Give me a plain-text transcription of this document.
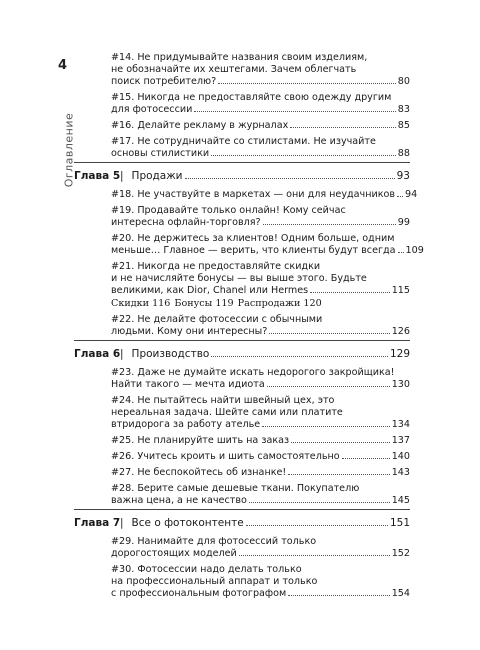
4
Оглавление
#14. Не придумывайте названия своим изделиям,
не обозначайте их хештегами. Зачем облегчать
поиск потребителю?	80
#15. Никогда не предоставляйте свою одежду другим
для фотосессии	83
#16. Делайте рекламу в журналах	85
#17. Не сотрудничайте со стилистами. Не изучайте
основы стилистики	88
Глава 5 | Продажи	93
#18. Не участвуйте в маркетах — они для неудачников 94
#19. Продавайте только онлайн! Кому сейчас
интересна офлайн-торговля?	99
#20. Не держитесь за клиентов! Одним больше, одним
меньше… Главное — верить, что клиенты будут всегда 109
#21. Никогда не предоставляйте скидки
и не начисляйте бонусы — вы выше этого. Будьте
великими, как Dior, Chanel или Hermes	115
Скидки 116 Бонусы 119 Распродажи 120
#22. Не делайте фотосессии с обычными
людьми. Кому они интересны?	126
Глава 6 | Производство	129
#23. Даже не думайте искать недорогого закройщика!
Найти такого — мечта идиота	130
#24. Не пытайтесь найти швейный цех, это
нереальная задача. Шейте сами или платите
втридорога за работу ателье	134
#25. Не планируйте шить на заказ	137
#26. Учитесь кроить и шить самостоятельно	140
#27. Не беспокойтесь об изнанке!	143
#28. Берите самые дешевые ткани. Покупателю
важна цена, а не качество	145
Глава 7 | Все о фотоконтенте	151
#29. Нанимайте для фотосессий только
дорогостоящих моделей	152
#30. Фотосессии надо делать только
на профессиональный аппарат и только
с профессиональным фотографом	154
